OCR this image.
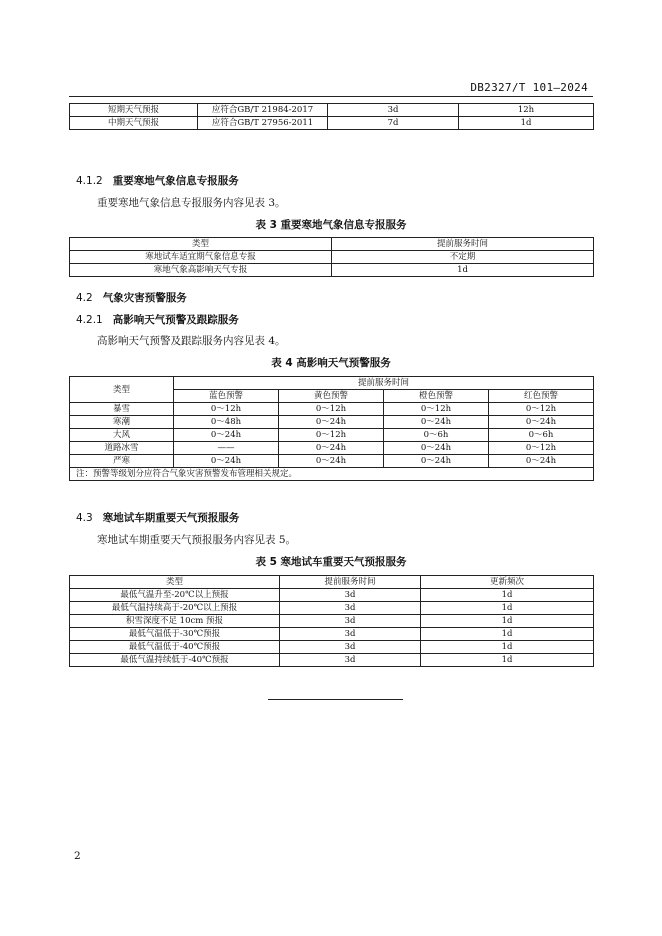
DB2327/T 101—2024
短期天气预报	应符合GB/T 21984-2017	3d	12h
中期天气预报	应符合GB/T 27956-2011	7d	1d
4.1.2 重要寒地气象信息专报服务
重要寒地气象信息专报服务内容见表 3。
表 3 重要寒地气象信息专报服务
类型	提前服务时间
寒地试车适宜期气象信息专报	不定期
寒地气象高影响天气专报	1d
4.2 气象灾害预警服务
4.2.1 高影响天气预警及跟踪服务
高影响天气预警及跟踪服务内容见表 4。
表 4 高影响天气预警服务
类型	提前服务时间			
	蓝色预警	黄色预警	橙色预警	红色预警
暴雪	0～12h	0～12h	0～12h	0～12h
寒潮	0～48h	0～24h	0～24h	0～24h
大风	0～24h	0～12h	0～6h	0～6h
道路冰雪	——	0～24h	0～24h	0～12h
严寒	0～24h	0～24h	0～24h	0～24h
注：预警等级划分应符合气象灾害预警发布管理相关规定。				
4.3 寒地试车期重要天气预报服务
寒地试车期重要天气预报服务内容见表 5。
表 5 寒地试车重要天气预报服务
类型	提前服务时间	更新频次
最低气温升至-20℃以上预报	3d	1d
最低气温持续高于-20℃以上预报	3d	1d
积雪深度不足 10cm 预报	3d	1d
最低气温低于-30℃预报	3d	1d
最低气温低于-40℃预报	3d	1d
最低气温持续低于-40℃预报	3d	1d
2
